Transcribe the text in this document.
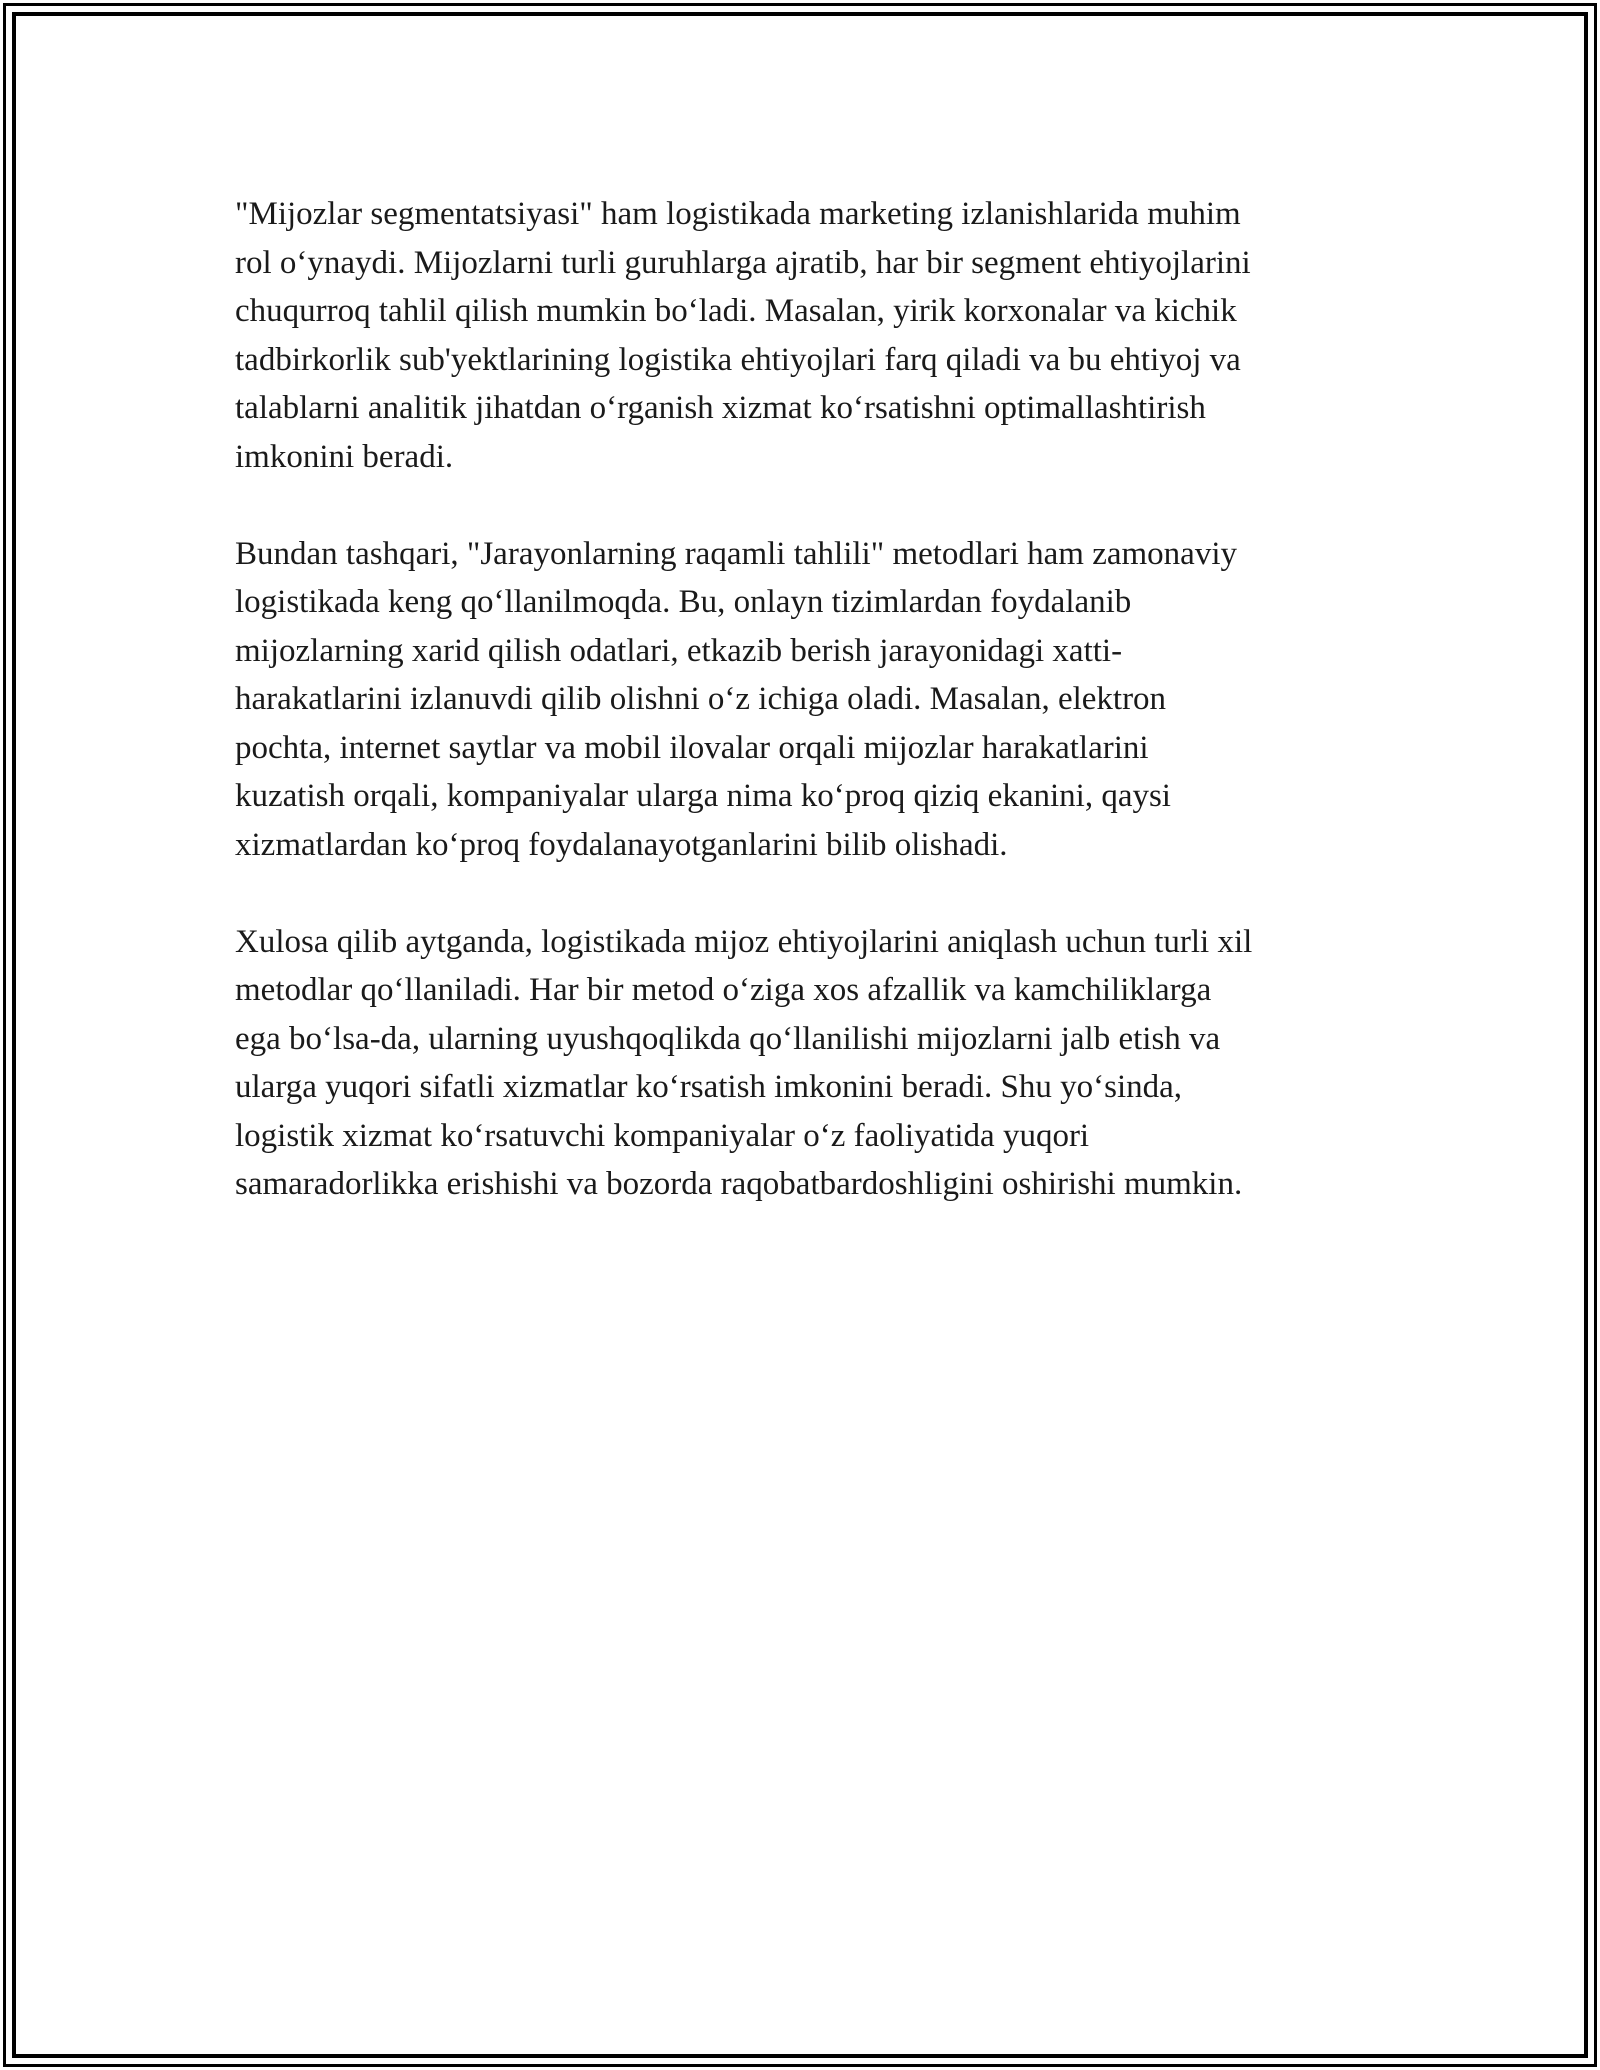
"Mijozlar segmentatsiyasi" ham logistikada marketing izlanishlarida muhim
rol o‘ynaydi. Mijozlarni turli guruhlarga ajratib, har bir segment ehtiyojlarini
chuqurroq tahlil qilish mumkin bo‘ladi. Masalan, yirik korxonalar va kichik
tadbirkorlik sub'yektlarining logistika ehtiyojlari farq qiladi va bu ehtiyoj va
talablarni analitik jihatdan o‘rganish xizmat ko‘rsatishni optimallashtirish
imkonini beradi.

Bundan tashqari, "Jarayonlarning raqamli tahlili" metodlari ham zamonaviy
logistikada keng qo‘llanilmoqda. Bu, onlayn tizimlardan foydalanib
mijozlarning xarid qilish odatlari, etkazib berish jarayonidagi xatti-
harakatlarini izlanuvdi qilib olishni o‘z ichiga oladi. Masalan, elektron
pochta, internet saytlar va mobil ilovalar orqali mijozlar harakatlarini
kuzatish orqali, kompaniyalar ularga nima ko‘proq qiziq ekanini, qaysi
xizmatlardan ko‘proq foydalanayotganlarini bilib olishadi.

Xulosa qilib aytganda, logistikada mijoz ehtiyojlarini aniqlash uchun turli xil
metodlar qo‘llaniladi. Har bir metod o‘ziga xos afzallik va kamchiliklarga
ega bo‘lsa-da, ularning uyushqoqlikda qo‘llanilishi mijozlarni jalb etish va
ularga yuqori sifatli xizmatlar ko‘rsatish imkonini beradi. Shu yo‘sinda,
logistik xizmat ko‘rsatuvchi kompaniyalar o‘z faoliyatida yuqori
samaradorlikka erishishi va bozorda raqobatbardoshligini oshirishi mumkin.
